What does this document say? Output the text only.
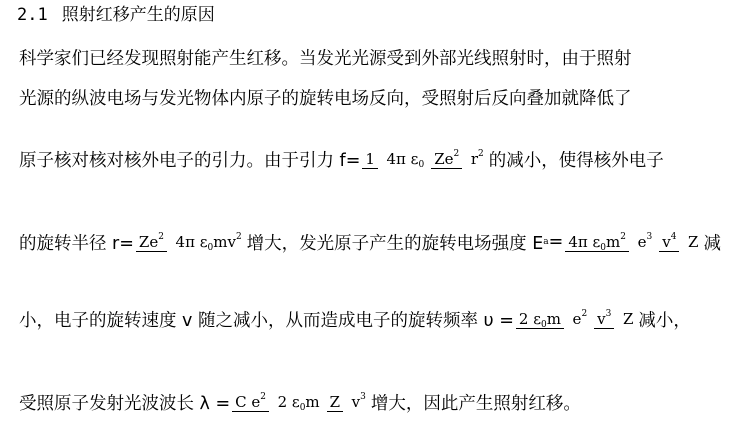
2.1 照射红移产生的原因
科学家们已经发现照射能产生红移。当发光光源受到外部光线照射时，由于照射
光源的纵波电场与发光物体内原子的旋转电场反向，受照射后反向叠加就降低了
原子核对核对核外电子的引力。由于引力 f= 1 4π $\varepsilon_0$ Ze$^2$ $r^2$ 的减小，使得核外电子
的旋转半径 $r= Ze^2$ 4π $\varepsilon_0mv^2$ 增大，发光原子产生的旋转电场强度 E a = 4π $\varepsilon_0m^2$ $e^3$ $v^4$ Z 减
小，电子的旋转速度 v 随之减小，从而造成电子的旋转频率 υ = 2 $\varepsilon_0m$ $e^2$ $v^3$ Z 减小，
受照原子发射光波波长 λ = C $e^2$ 2 $\varepsilon_0m$ Z $v^3$ 增大，因此产生照射红移。
